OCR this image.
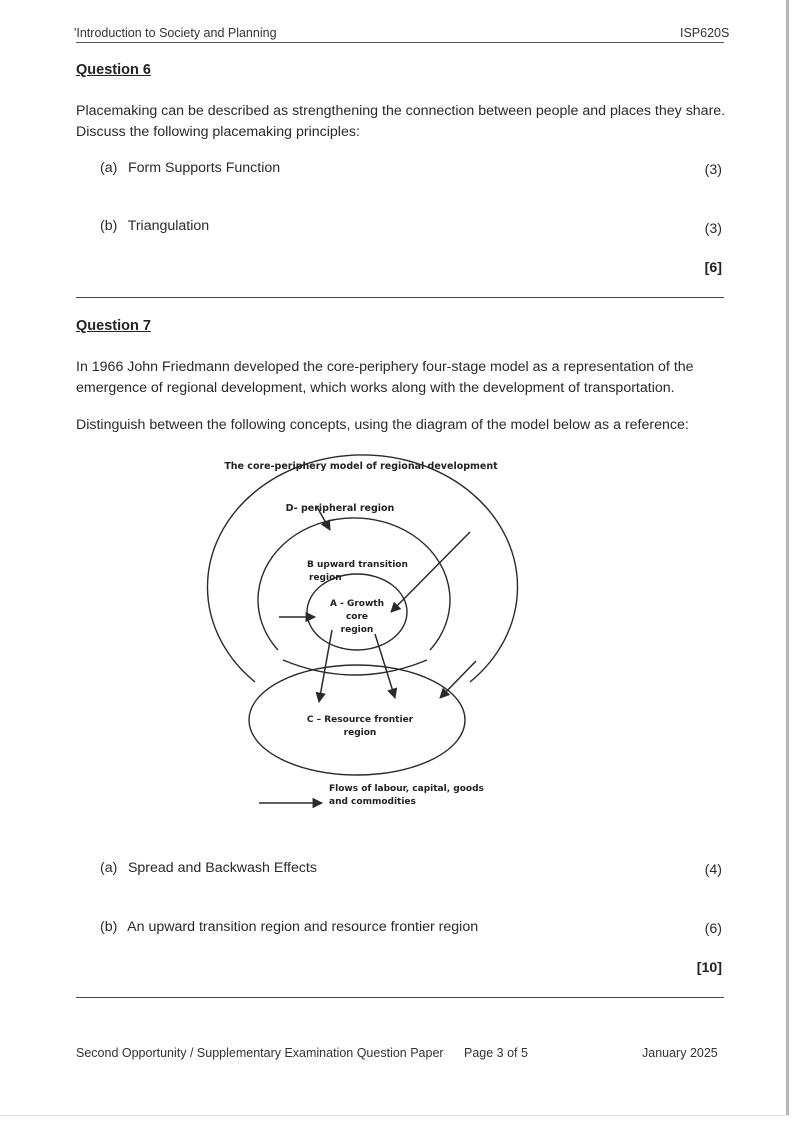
'Introduction to Society and Planning	ISP620S
Question 6
Placemaking can be described as strengthening the connection between people and places they share. Discuss the following placemaking principles:
(a) Form Supports Function	(3)
(b) Triangulation	(3)
[6]
Question 7
In 1966 John Friedmann developed the core-periphery four-stage model as a representation of the emergence of regional development, which works along with the development of transportation.
Distinguish between the following concepts, using the diagram of the model below as a reference:
The core-periphery model of regional development
D- peripheral region
B upward transition
region
A - Growth
core
region
C – Resource frontier
region
Flows of labour, capital, goods
and commodities
(a) Spread and Backwash Effects	(4)
(b) An upward transition region and resource frontier region	(6)
[10]
Second Opportunity / Supplementary Examination Question Paper Page 3 of 5	January 2025
